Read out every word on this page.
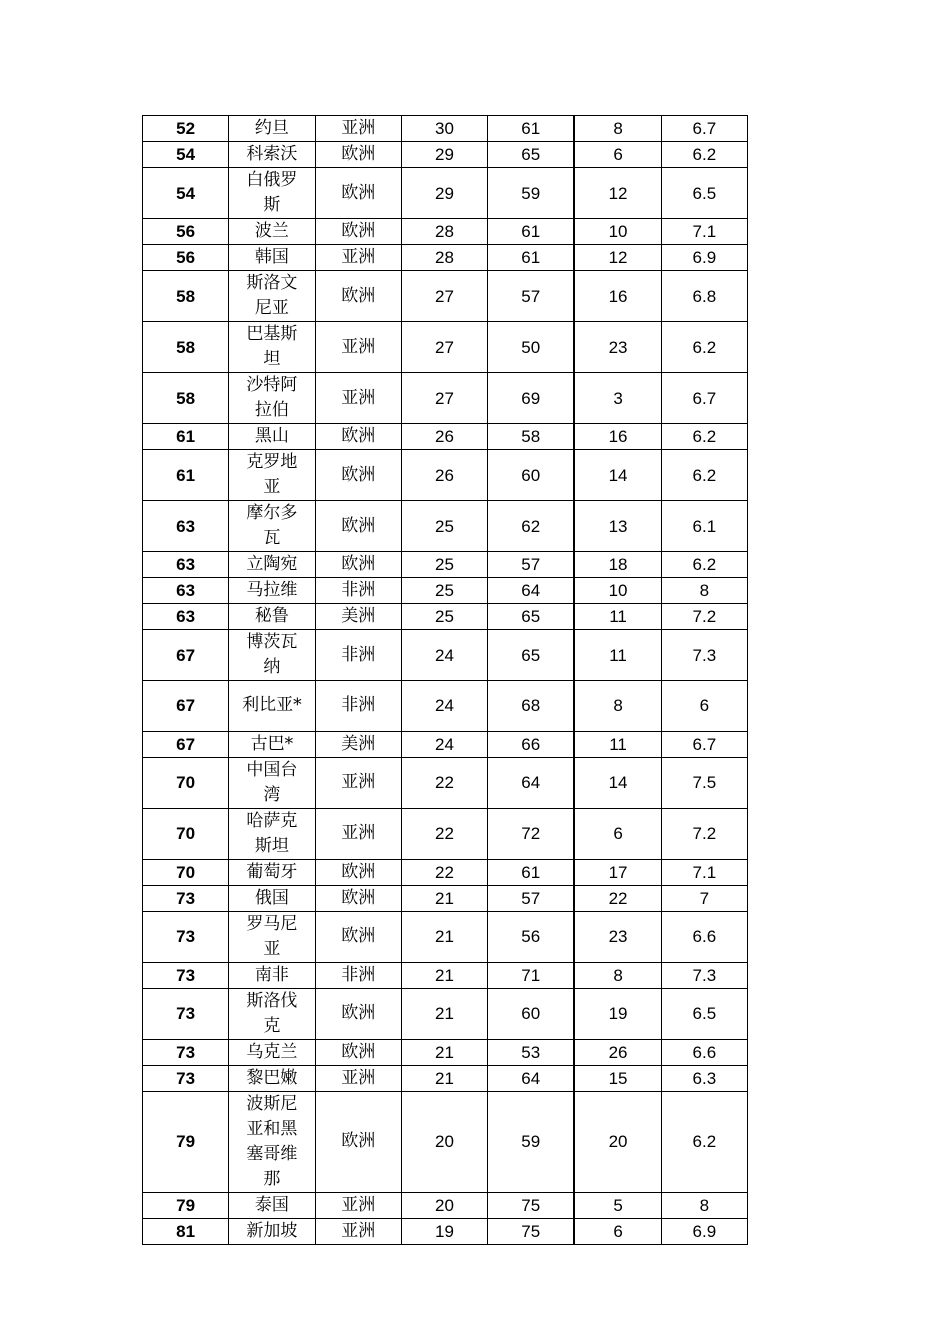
52	约旦	亚洲	30	61	8	6.7
54	科索沃	欧洲	29	65	6	6.2
54	白俄罗斯	欧洲	29	59	12	6.5
56	波兰	欧洲	28	61	10	7.1
56	韩国	亚洲	28	61	12	6.9
58	斯洛文尼亚	欧洲	27	57	16	6.8
58	巴基斯坦	亚洲	27	50	23	6.2
58	沙特阿拉伯	亚洲	27	69	3	6.7
61	黑山	欧洲	26	58	16	6.2
61	克罗地亚	欧洲	26	60	14	6.2
63	摩尔多瓦	欧洲	25	62	13	6.1
63	立陶宛	欧洲	25	57	18	6.2
63	马拉维	非洲	25	64	10	8
63	秘鲁	美洲	25	65	11	7.2
67	博茨瓦纳	非洲	24	65	11	7.3
67	利比亚*	非洲	24	68	8	6
67	古巴*	美洲	24	66	11	6.7
70	中国台湾	亚洲	22	64	14	7.5
70	哈萨克斯坦	亚洲	22	72	6	7.2
70	葡萄牙	欧洲	22	61	17	7.1
73	俄国	欧洲	21	57	22	7
73	罗马尼亚	欧洲	21	56	23	6.6
73	南非	非洲	21	71	8	7.3
73	斯洛伐克	欧洲	21	60	19	6.5
73	乌克兰	欧洲	21	53	26	6.6
73	黎巴嫩	亚洲	21	64	15	6.3
79	波斯尼亚和黑塞哥维那	欧洲	20	59	20	6.2
79	泰国	亚洲	20	75	5	8
81	新加坡	亚洲	19	75	6	6.9
